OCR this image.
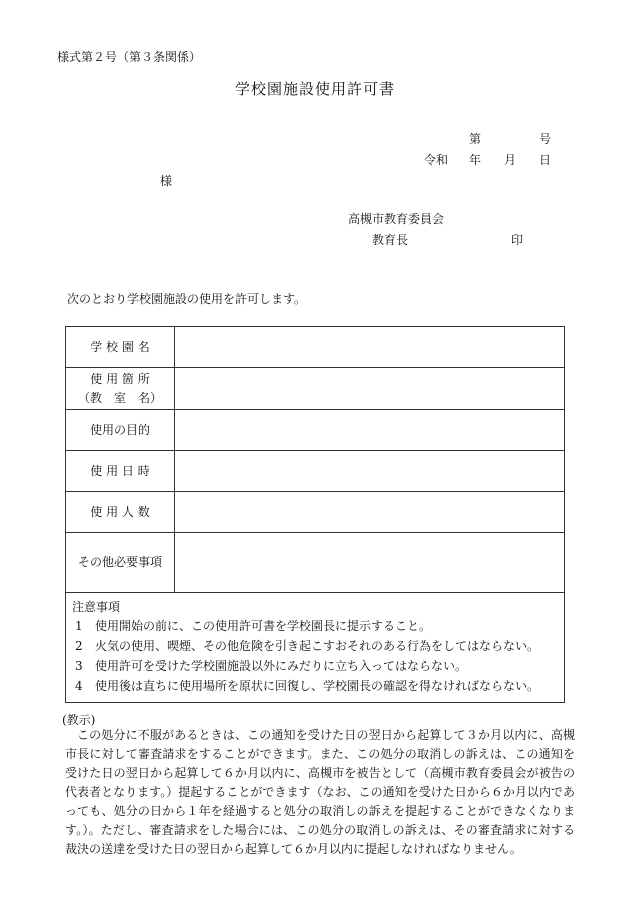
様式第２号（第３条関係）
学校園施設使用許可書
第	号
令和 年 月 日
様
高槻市教育委員会
教育長	印
次のとおり学校園施設の使用を許可します。
学 校 園 名	

使 用 箇 所
（教　室　名）	

使用の目的	
使 用 日 時	
使 用 人 数	
その他必要事項	

注意事項
1 使用開始の前に、この使用許可書を学校園長に提示すること。
2 火気の使用、喫煙、その他危険を引き起こすおそれのある行為をしてはならない。
3 使用許可を受けた学校園施設以外にみだりに立ち入ってはならない。
4 使用後は直ちに使用場所を原状に回復し、学校園長の確認を得なければならない。	
(教示)
この処分に不服があるときは、この通知を受けた日の翌日から起算して３か月以内に、高槻市長に対して審査請求をすることができます。また、この処分の取消しの訴えは、この通知を受けた日の翌日から起算して６か月以内に、高槻市を被告として（高槻市教育委員会が被告の代表者となります。）提起することができます（なお、この通知を受けた日から６か月以内であっても、処分の日から１年を経過すると処分の取消しの訴えを提起することができなくなります。）。ただし、審査請求をした場合には、この処分の取消しの訴えは、その審査請求に対する裁決の送達を受けた日の翌日から起算して６か月以内に提起しなければなりません。
